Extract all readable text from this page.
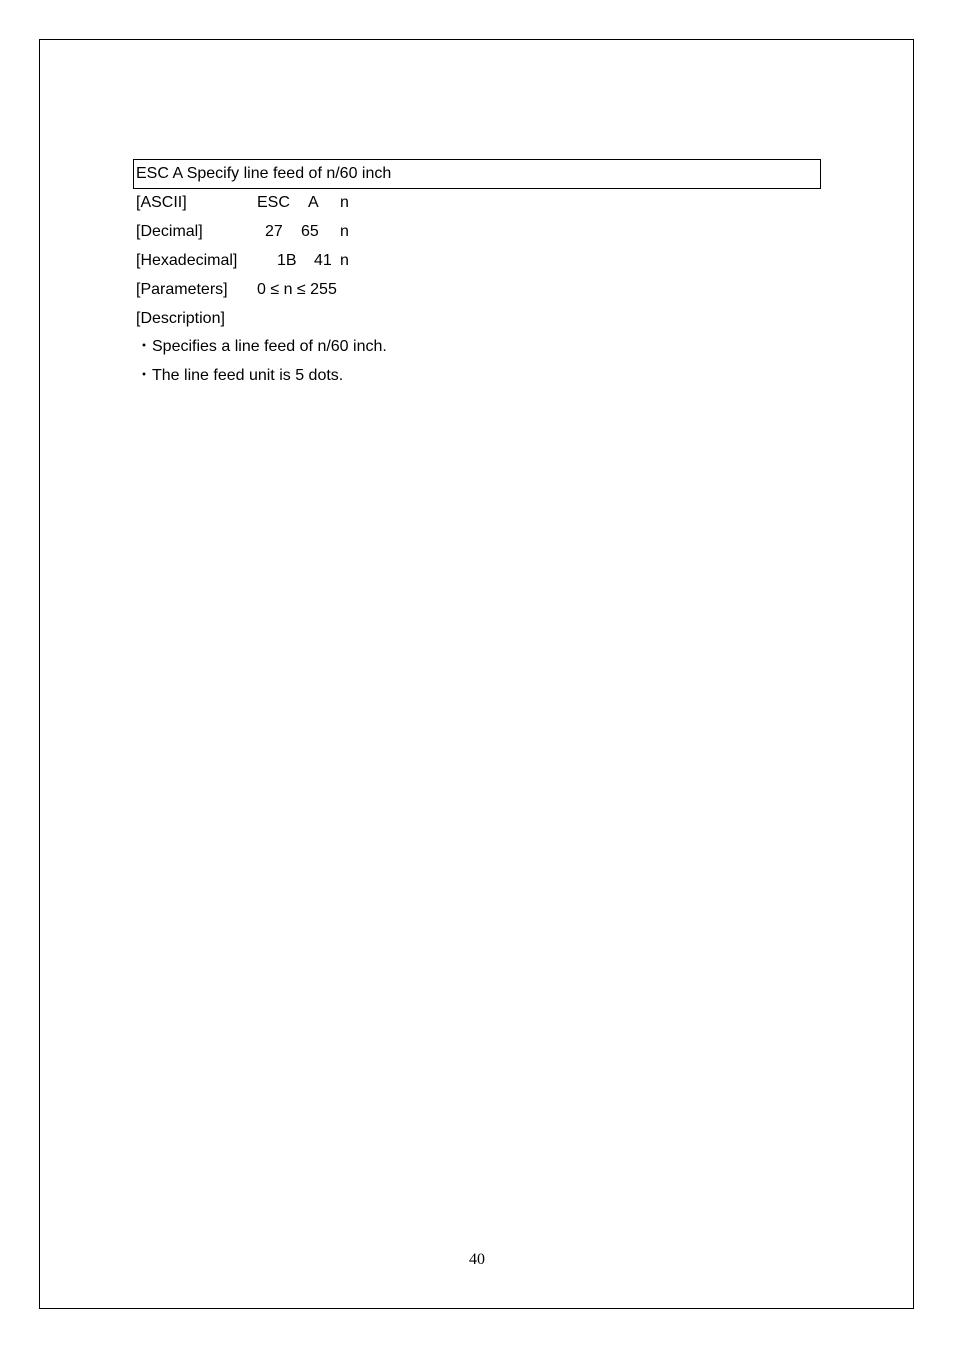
ESC A Specify line feed of n/60 inch
[ASCII]	ESC A n
[Decimal]	27 65 n
[Hexadecimal] 1B 41 n
[Parameters] 0 ≤ n ≤ 255
[Description]
・Specifies a line feed of n/60 inch.
・The line feed unit is 5 dots.
40
